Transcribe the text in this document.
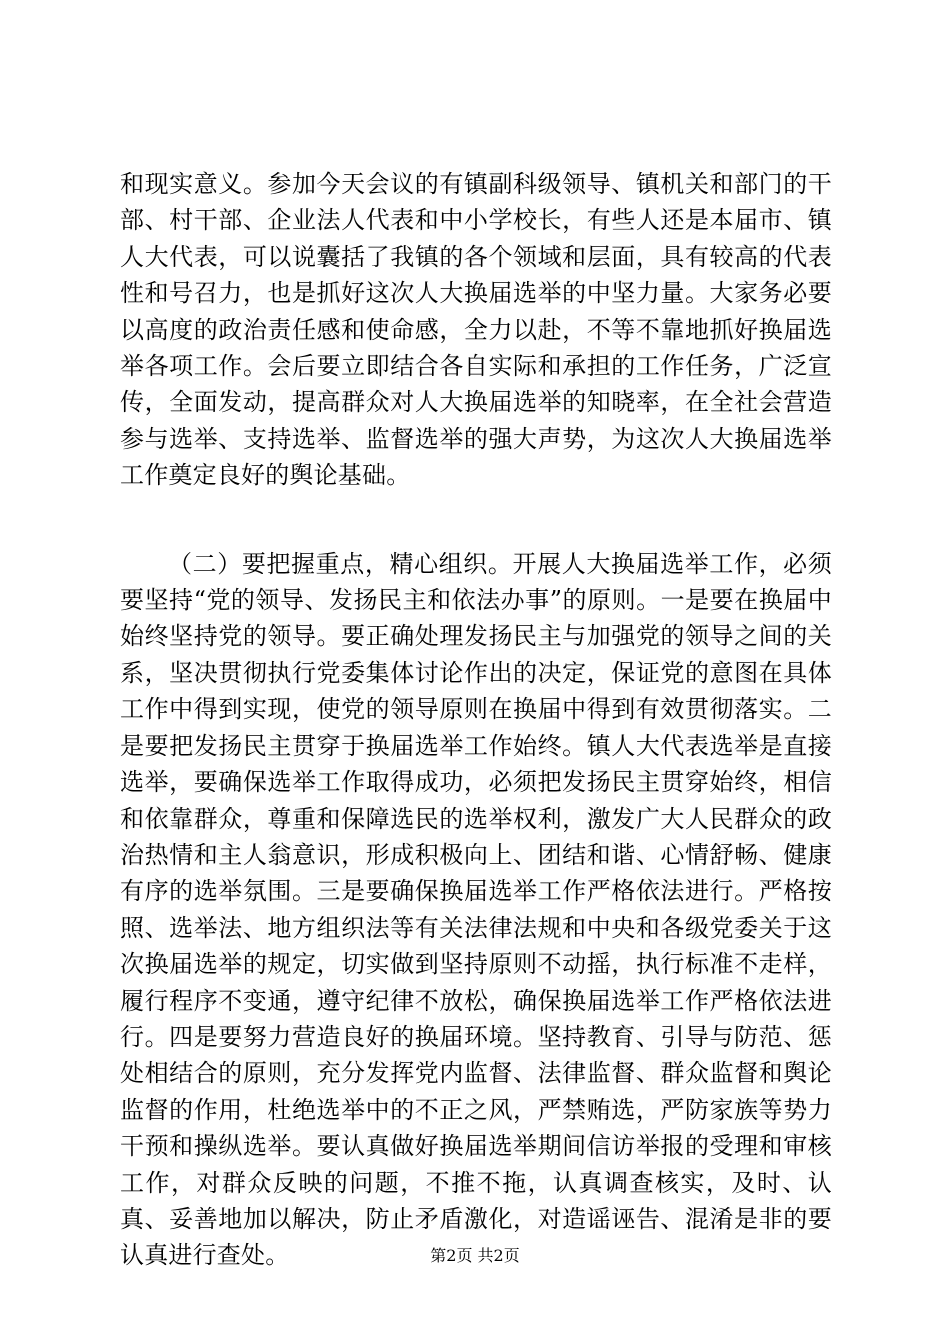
和现实意义。参加今天会议的有镇副科级领导、镇机关和部门的干部、村干部、企业法人代表和中小学校长，有些人还是本届市、镇人大代表，可以说囊括了我镇的各个领域和层面，具有较高的代表性和号召力，也是抓好这次人大换届选举的中坚力量。大家务必要以高度的政治责任感和使命感，全力以赴，不等不靠地抓好换届选举各项工作。会后要立即结合各自实际和承担的工作任务，广泛宣传，全面发动，提高群众对人大换届选举的知晓率，在全社会营造参与选举、支持选举、监督选举的强大声势，为这次人大换届选举工作奠定良好的舆论基础。

（二）要把握重点，精心组织。开展人大换届选举工作，必须要坚持“党的领导、发扬民主和依法办事”的原则。一是要在换届中始终坚持党的领导。要正确处理发扬民主与加强党的领导之间的关系，坚决贯彻执行党委集体讨论作出的决定，保证党的意图在具体工作中得到实现，使党的领导原则在换届中得到有效贯彻落实。二是要把发扬民主贯穿于换届选举工作始终。镇人大代表选举是直接选举，要确保选举工作取得成功，必须把发扬民主贯穿始终，相信和依靠群众，尊重和保障选民的选举权利，激发广大人民群众的政治热情和主人翁意识，形成积极向上、团结和谐、心情舒畅、健康有序的选举氛围。三是要确保换届选举工作严格依法进行。严格按照、选举法、地方组织法等有关法律法规和中央和各级党委关于这次换届选举的规定，切实做到坚持原则不动摇，执行标准不走样，履行程序不变通，遵守纪律不放松，确保换届选举工作严格依法进行。四是要努力营造良好的换届环境。坚持教育、引导与防范、惩处相结合的原则，充分发挥党内监督、法律监督、群众监督和舆论监督的作用，杜绝选举中的不正之风，严禁贿选，严防家族等势力干预和操纵选举。要认真做好换届选举期间信访举报的受理和审核工作，对群众反映的问题，不推不拖，认真调查核实，及时、认真、妥善地加以解决，防止矛盾激化，对造谣诬告、混淆是非的要认真进行查处。	第2页 共2页
